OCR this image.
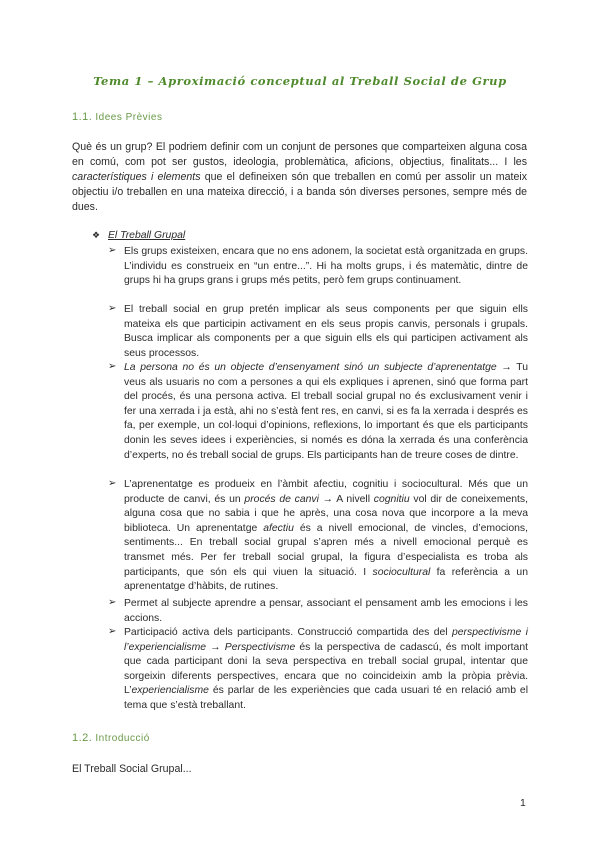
Tema 1 – Aproximació conceptual al Treball Social de Grup
1.1. Idees Prèvies
Què és un grup? El podriem definir com un conjunt de persones que comparteixen alguna cosa en comú, com pot ser gustos, ideologia, problemàtica, aficions, objectius, finalitats... I les característiques i elements que el defineixen són que treballen en comú per assolir un mateix objectiu i/o treballen en una mateixa direcció, i a banda són diverses persones, sempre més de dues.
❖ El Treball Grupal
➢ Els grups existeixen, encara que no ens adonem, la societat està organitzada en grups. L’individu es construeix en “un entre...”. Hi ha molts grups, i és matemàtic, dintre de grups hi ha grups grans i grups més petits, però fem grups continuament.
➢ El treball social en grup pretén implicar als seus components per que siguin ells mateixa els que participin activament en els seus propis canvis, personals i grupals. Busca implicar als components per a que siguin ells els qui participen activament als seus processos.
➢ La persona no és un objecte d’ensenyament sinó un subjecte d’aprenentatge → Tu veus als usuaris no com a persones a qui els expliques i aprenen, sinó que forma part del procés, és una persona activa. El treball social grupal no és exclusivament venir i fer una xerrada i ja està, ahi no s’està fent res, en canvi, si es fa la xerrada i després es fa, per exemple, un col·loqui d’opinions, reflexions, lo important és que els participants donin les seves idees i experiències, si només es dóna la xerrada és una conferència d’experts, no és treball social de grups. Els participants han de treure coses de dintre.
➢ L’aprenentatge es produeix en l’àmbit afectiu, cognitiu i sociocultural. Més que un producte de canvi, és un procés de canvi → A nivell cognitiu vol dir de coneixements, alguna cosa que no sabia i que he après, una cosa nova que incorpore a la meva biblioteca. Un aprenentatge afectiu és a nivell emocional, de vincles, d’emocions, sentiments... En treball social grupal s’apren més a nivell emocional perquè es transmet més. Per fer treball social grupal, la figura d’especialista es troba als participants, que són els qui viuen la situació. I sociocultural fa referència a un aprenentatge d’hàbits, de rutines.
➢ Permet al subjecte aprendre a pensar, associant el pensament amb les emocions i les accions.
➢ Participació activa dels participants. Construcció compartida des del perspectivisme i l’experiencialisme → Perspectivisme és la perspectiva de cadascú, és molt important que cada participant doni la seva perspectiva en treball social grupal, intentar que sorgeixin diferents perspectives, encara que no coincideixin amb la pròpia prèvia. L’experiencialisme és parlar de les experiències que cada usuari té en relació amb el tema que s’està treballant.
1.2. Introducció
El Treball Social Grupal...
1
